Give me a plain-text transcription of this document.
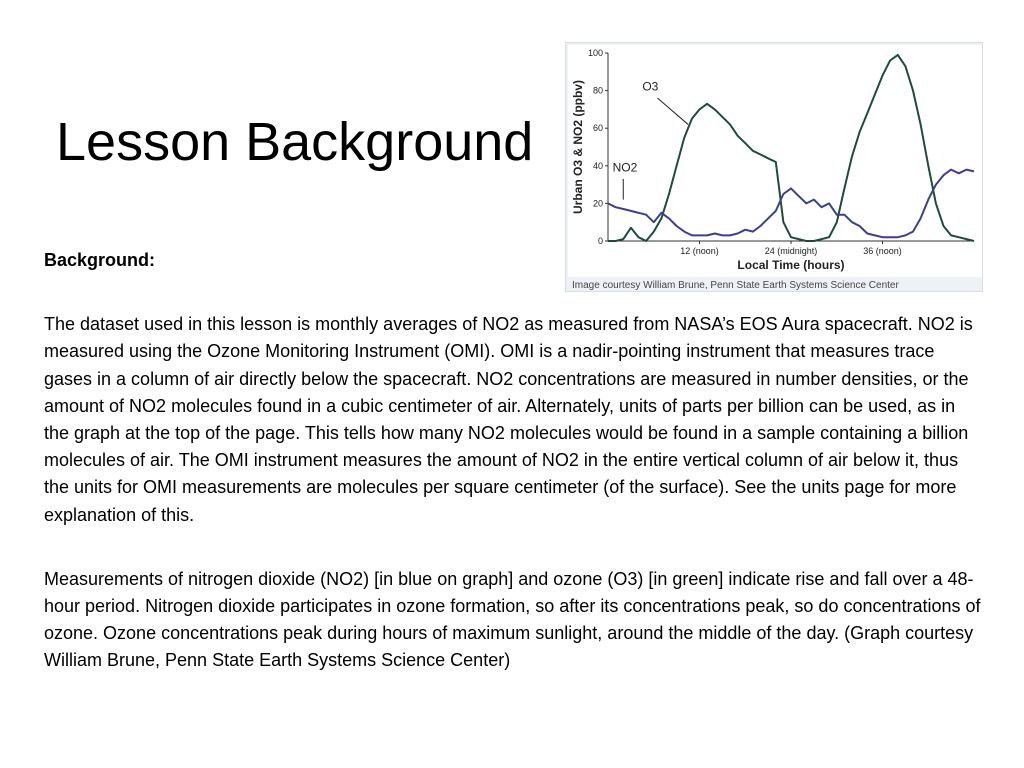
Lesson Background
0
20
40
60
80
100
12 (noon)	24 (midnight)	36 (noon)
O3
NO2
Local Time (hours)
Urban O3 & NO2 (ppbv)
Image courtesy William Brune, Penn State Earth Systems Science Center

Background:

The dataset used in this lesson is monthly averages of NO2 as measured from NASA’s EOS Aura spacecraft. NO2 is measured using the Ozone Monitoring Instrument (OMI). OMI is a nadir-pointing instrument that measures trace gases in a column of air directly below the spacecraft. NO2 concentrations are measured in number densities, or the amount of NO2 molecules found in a cubic centimeter of air. Alternately, units of parts per billion can be used, as in the graph at the top of the page. This tells how many NO2 molecules would be found in a sample containing a billion molecules of air. The OMI instrument measures the amount of NO2 in the entire vertical column of air below it, thus the units for OMI measurements are molecules per square centimeter (of the surface). See the units page for more explanation of this.

Measurements of nitrogen dioxide (NO2) [in blue on graph] and ozone (O3) [in green] indicate rise and fall over a 48-hour period. Nitrogen dioxide participates in ozone formation, so after its concentrations peak, so do concentrations of ozone. Ozone concentrations peak during hours of maximum sunlight, around the middle of the day. (Graph courtesy William Brune, Penn State Earth Systems Science Center)
